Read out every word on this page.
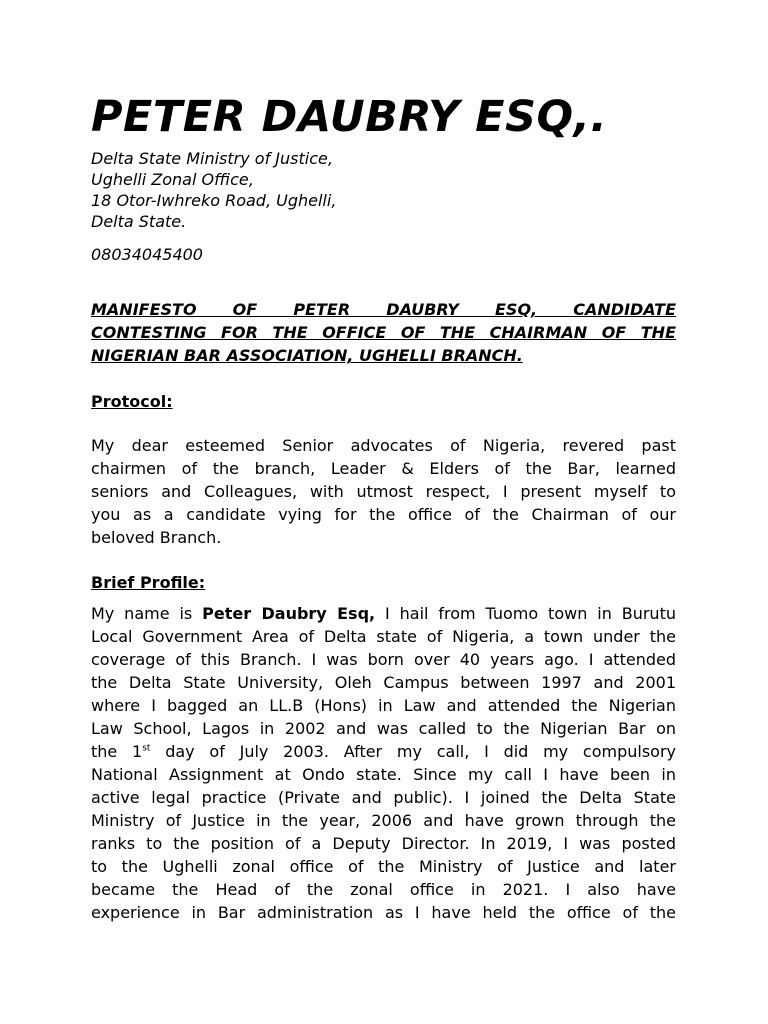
PETER DAUBRY ESQ,.
Delta State Ministry of Justice,
Ughelli Zonal Office,
18 Otor-Iwhreko Road, Ughelli,
Delta State.
08034045400
MANIFESTO OF PETER DAUBRY ESQ, CANDIDATE
CONTESTING FOR THE OFFICE OF THE CHAIRMAN OF THE
NIGERIAN BAR ASSOCIATION, UGHELLI BRANCH.
Protocol:
My dear esteemed Senior advocates of Nigeria, revered past
chairmen of the branch, Leader & Elders of the Bar, learned
seniors and Colleagues, with utmost respect, I present myself to
you as a candidate vying for the office of the Chairman of our
beloved Branch.
Brief Profile:
My name is Peter Daubry Esq, I hail from Tuomo town in Burutu
Local Government Area of Delta state of Nigeria, a town under the
coverage of this Branch. I was born over 40 years ago. I attended
the Delta State University, Oleh Campus between 1997 and 2001
where I bagged an LL.B (Hons) in Law and attended the Nigerian
Law School, Lagos in 2002 and was called to the Nigerian Bar on
the 1st day of July 2003. After my call, I did my compulsory
National Assignment at Ondo state. Since my call I have been in
active legal practice (Private and public). I joined the Delta State
Ministry of Justice in the year, 2006 and have grown through the
ranks to the position of a Deputy Director. In 2019, I was posted
to the Ughelli zonal office of the Ministry of Justice and later
became the Head of the zonal office in 2021. I also have
experience in Bar administration as I have held the office of the
